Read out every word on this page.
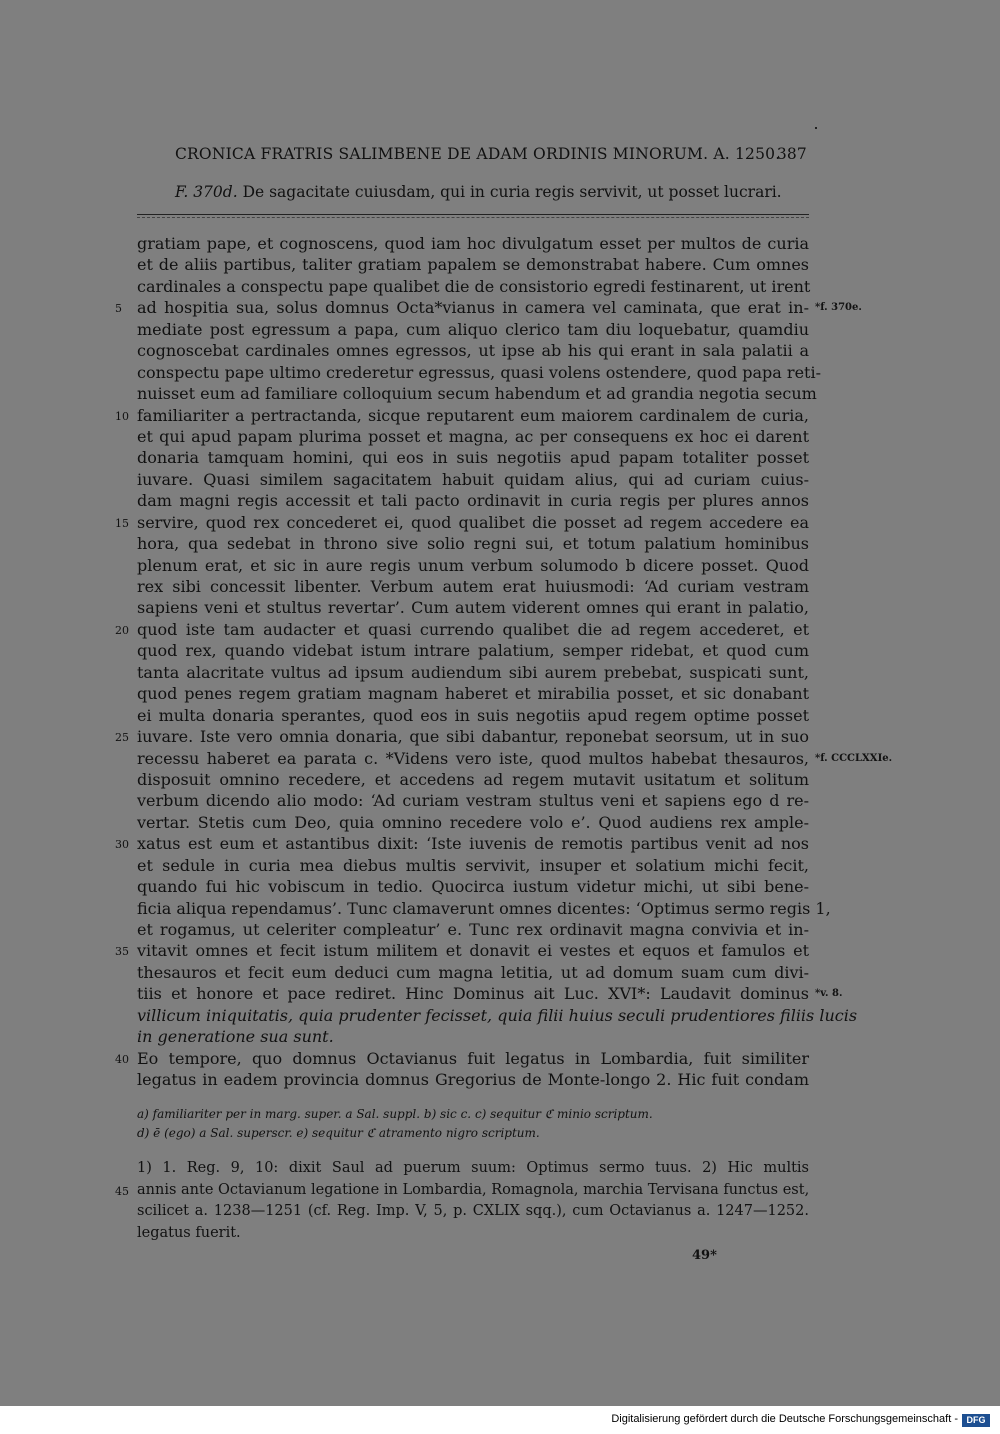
CRONICA FRATRIS SALIMBENE DE ADAM ORDINIS MINORUM. A. 1250.
387
F. 370d. De sagacitate cuiusdam, qui in curia regis servivit, ut posset lucrari.
gratiam pape, et cognoscens, quod iam hoc divulgatum esset per multos de curia
et de aliis partibus, taliter gratiam papalem se demonstrabat habere. Cum omnes
cardinales a conspectu pape qualibet die de consistorio egredi festinarent, ut irent
ad hospitia sua, solus domnus Octa*vianus in camera vel caminata, que erat in-
5	*f. 370e.
mediate post egressum a papa, cum aliquo clerico tam diu loquebatur, quamdiu
cognoscebat cardinales omnes egressos, ut ipse ab his qui erant in sala palatii a
conspectu pape ultimo crederetur egressus, quasi volens ostendere, quod papa reti-
nuisset eum ad familiare colloquium secum habendum et ad grandia negotia secum
familiariter a pertractanda, sicque reputarent eum maiorem cardinalem de curia,
10
et qui apud papam plurima posset et magna, ac per consequens ex hoc ei darent
donaria tamquam homini, qui eos in suis negotiis apud papam totaliter posset
iuvare. Quasi similem sagacitatem habuit quidam alius, qui ad curiam cuius-
dam magni regis accessit et tali pacto ordinavit in curia regis per plures annos
servire, quod rex concederet ei, quod qualibet die posset ad regem accedere ea
15
hora, qua sedebat in throno sive solio regni sui, et totum palatium hominibus
plenum erat, et sic in aure regis unum verbum solumodo b dicere posset. Quod
rex sibi concessit libenter. Verbum autem erat huiusmodi: ‘Ad curiam vestram
sapiens veni et stultus revertar’. Cum autem viderent omnes qui erant in palatio,
quod iste tam audacter et quasi currendo qualibet die ad regem accederet, et
20
quod rex, quando videbat istum intrare palatium, semper ridebat, et quod cum
tanta alacritate vultus ad ipsum audiendum sibi aurem prebebat, suspicati sunt,
quod penes regem gratiam magnam haberet et mirabilia posset, et sic donabant
ei multa donaria sperantes, quod eos in suis negotiis apud regem optime posset
iuvare. Iste vero omnia donaria, que sibi dabantur, reponebat seorsum, ut in suo
25
recessu haberet ea parata c. *Videns vero iste, quod multos habebat thesauros, *f. CCCLXXIe.
disposuit omnino recedere, et accedens ad regem mutavit usitatum et solitum
verbum dicendo alio modo: ‘Ad curiam vestram stultus veni et sapiens ego d re-
vertar. Stetis cum Deo, quia omnino recedere volo e’. Quod audiens rex ample-
xatus est eum et astantibus dixit: ‘Iste iuvenis de remotis partibus venit ad nos
30
et sedule in curia mea diebus multis servivit, insuper et solatium michi fecit,
quando fui hic vobiscum in tedio. Quocirca iustum videtur michi, ut sibi bene-
ficia aliqua rependamus’. Tunc clamaverunt omnes dicentes: ‘Optimus sermo regis 1,
et rogamus, ut celeriter compleatur’ e. Tunc rex ordinavit magna convivia et in-
vitavit omnes et fecit istum militem et donavit ei vestes et equos et famulos et
35
thesauros et fecit eum deduci cum magna letitia, ut ad domum suam cum divi-
tiis et honore et pace rediret. Hinc Dominus ait Luc. XVI*: Laudavit dominus *v. 8.
villicum iniquitatis, quia prudenter fecisset, quia filii huius seculi prudentiores filiis lucis
in generatione sua sunt.
Eo tempore, quo domnus Octavianus fuit legatus in Lombardia, fuit similiter
40
legatus in eadem provincia domnus Gregorius de Monte-longo 2. Hic fuit condam
a) familiariter per in marg. super. a Sal. suppl. b) sic c. c) sequitur ℭ minio scriptum.
d) ē (ego) a Sal. superscr. e) sequitur ℭ atramento nigro scriptum.
1) 1. Reg. 9, 10: dixit Saul ad puerum suum: Optimus sermo tuus. 2) Hic multis
annis ante Octavianum legatione in Lombardia, Romagnola, marchia Tervisana functus est,
45
scilicet a. 1238—1251 (cf. Reg. Imp. V, 5, p. CXLIX sqq.), cum Octavianus a. 1247—1252.
legatus fuerit.
49*
Digitalisierung gefördert durch die Deutsche Forschungsgemeinschaft - DFG
